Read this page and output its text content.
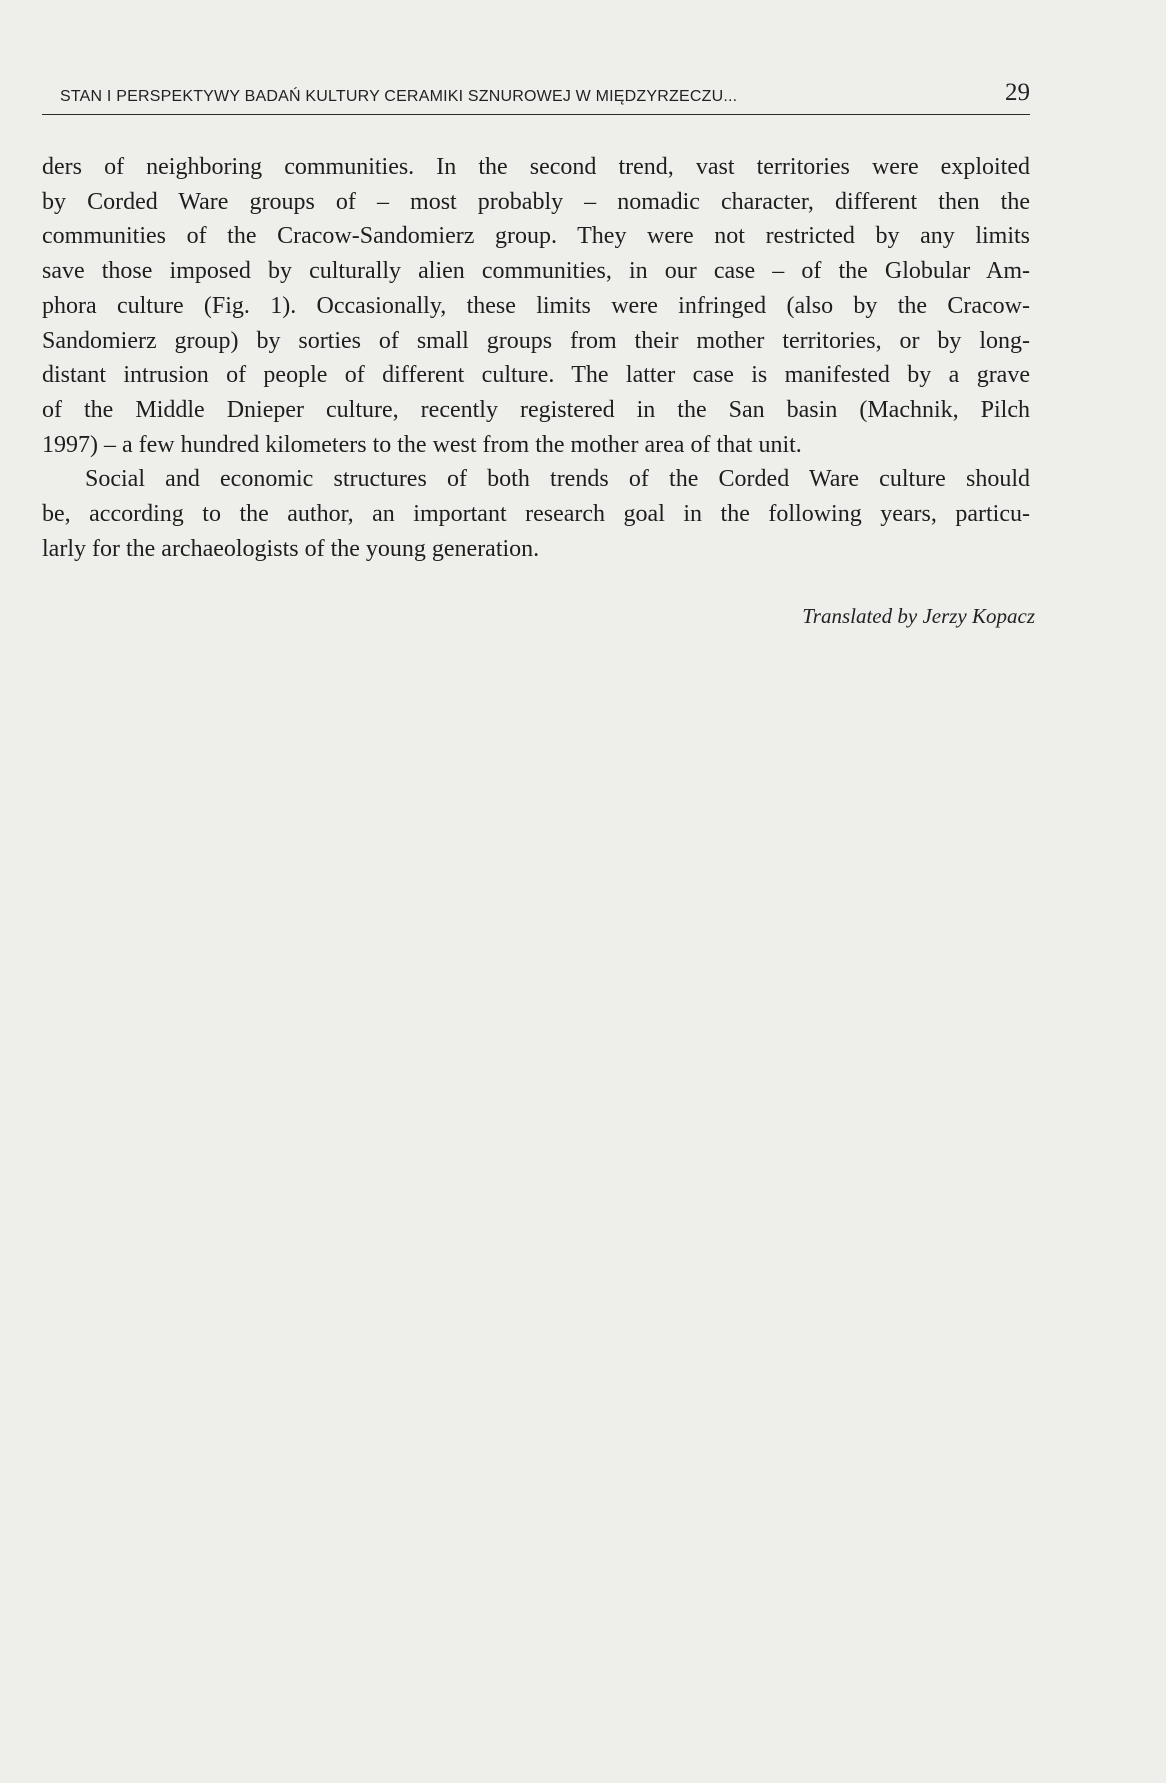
STAN I PERSPEKTYWY BADAŃ KULTURY CERAMIKI SZNUROWEJ W MIĘDZYRZECZU...	29

ders of neighboring communities. In the second trend, vast territories were exploited
by Corded Ware groups of – most probably – nomadic character, different then the
communities of the Cracow-Sandomierz group. They were not restricted by any limits
save those imposed by culturally alien communities, in our case – of the Globular Am-
phora culture (Fig. 1). Occasionally, these limits were infringed (also by the Cracow-
Sandomierz group) by sorties of small groups from their mother territories, or by long-
distant intrusion of people of different culture. The latter case is manifested by a grave
of the Middle Dnieper culture, recently registered in the San basin (Machnik, Pilch
1997) – a few hundred kilometers to the west from the mother area of that unit.

Social and economic structures of both trends of the Corded Ware culture should
be, according to the author, an important research goal in the following years, particu-
larly for the archaeologists of the young generation.

Translated by Jerzy Kopacz
